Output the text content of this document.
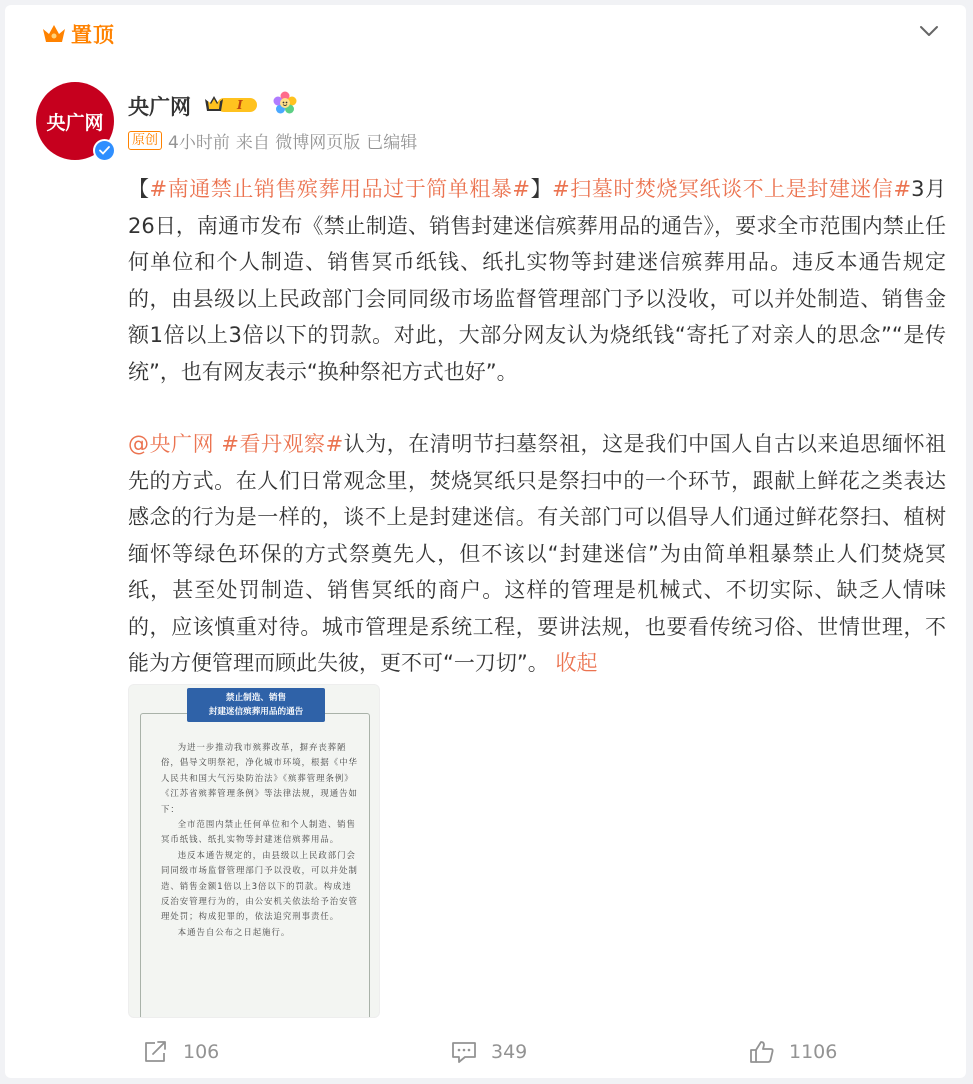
置顶
央广网
央广网	I
原创 4小时前 来自 微博网页版 已编辑

【#南通禁止销售殡葬用品过于简单粗暴#】#扫墓时焚烧冥纸谈不上是封建迷信#3月26日，南通市发布《禁止制造、销售封建迷信殡葬用品的通告》，要求全市范围内禁止任何单位和个人制造、销售冥币纸钱、纸扎实物等封建迷信殡葬用品。违反本通告规定的，由县级以上民政部门会同同级市场监督管理部门予以没收，可以并处制造、销售金额1倍以上3倍以下的罚款。对此，大部分网友认为烧纸钱“寄托了对亲人的思念”“是传统”，也有网友表示“换种祭祀方式也好”。

@央广网 #看丹观察#认为，在清明节扫墓祭祖，这是我们中国人自古以来追思缅怀祖先的方式。在人们日常观念里，焚烧冥纸只是祭扫中的一个环节，跟献上鲜花之类表达感念的行为是一样的，谈不上是封建迷信。有关部门可以倡导人们通过鲜花祭扫、植树缅怀等绿色环保的方式祭奠先人，但不该以“封建迷信”为由简单粗暴禁止人们焚烧冥纸，甚至处罚制造、销售冥纸的商户。这样的管理是机械式、不切实际、缺乏人情味的，应该慎重对待。城市管理是系统工程，要讲法规，也要看传统习俗、世情世理，不能为方便管理而顾此失彼，更不可“一刀切”。 收起

禁止制造、销售
封建迷信殡葬用品的通告
为进一步推动我市殡葬改革，摒弃丧葬陋俗，倡导文明祭祀，净化城市环境，根据《中华人民共和国大气污染防治法》《殡葬管理条例》《江苏省殡葬管理条例》等法律法规，现通告如下：
全市范围内禁止任何单位和个人制造、销售冥币纸钱、纸扎实物等封建迷信殡葬用品。
违反本通告规定的，由县级以上民政部门会同同级市场监督管理部门予以没收，可以并处制造、销售金额1倍以上3倍以下的罚款。构成违反治安管理行为的，由公安机关依法给予治安管理处罚；构成犯罪的，依法追究刑事责任。
本通告自公布之日起施行。
106	349	1106
